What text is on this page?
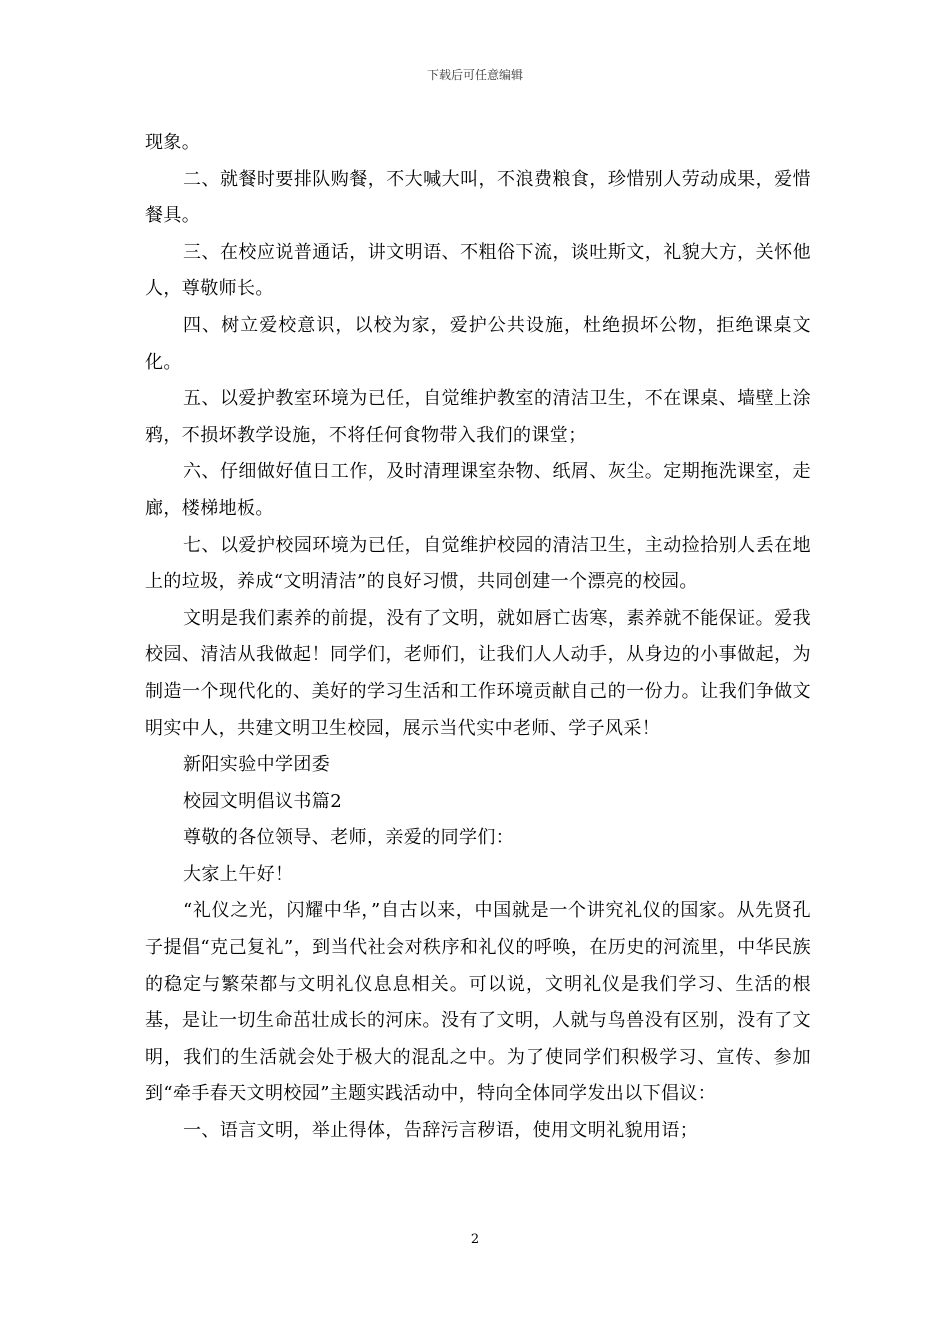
下载后可任意编辑

现象。

二、就餐时要排队购餐，不大喊大叫，不浪费粮食，珍惜别人劳动成果，爱惜餐具。

三、在校应说普通话，讲文明语、不粗俗下流，谈吐斯文，礼貌大方，关怀他人，尊敬师长。

四、树立爱校意识，以校为家，爱护公共设施，杜绝损坏公物，拒绝课桌文化。

五、以爱护教室环境为已任，自觉维护教室的清洁卫生，不在课桌、墙壁上涂鸦，不损坏教学设施，不将任何食物带入我们的课堂；

六、仔细做好值日工作，及时清理课室杂物、纸屑、灰尘。定期拖洗课室，走廊，楼梯地板。

七、以爱护校园环境为已任，自觉维护校园的清洁卫生，主动捡拾别人丢在地上的垃圾，养成“文明清洁”的良好习惯，共同创建一个漂亮的校园。

文明是我们素养的前提，没有了文明，就如唇亡齿寒，素养就不能保证。爱我校园、清洁从我做起！同学们，老师们，让我们人人动手，从身边的小事做起，为制造一个现代化的、美好的学习生活和工作环境贡献自己的一份力。让我们争做文明实中人，共建文明卫生校园，展示当代实中老师、学子风采！

新阳实验中学团委

校园文明倡议书篇2

尊敬的各位领导、老师，亲爱的同学们：

大家上午好！

“礼仪之光，闪耀中华，”自古以来，中国就是一个讲究礼仪的国家。从先贤孔子提倡“克己复礼”，到当代社会对秩序和礼仪的呼唤，在历史的河流里，中华民族的稳定与繁荣都与文明礼仪息息相关。可以说，文明礼仪是我们学习、生活的根基，是让一切生命茁壮成长的河床。没有了文明，人就与鸟兽没有区别，没有了文明，我们的生活就会处于极大的混乱之中。为了使同学们积极学习、宣传、参加到“牵手春天文明校园”主题实践活动中，特向全体同学发出以下倡议：

一、语言文明，举止得体，告辞污言秽语，使用文明礼貌用语；

2
